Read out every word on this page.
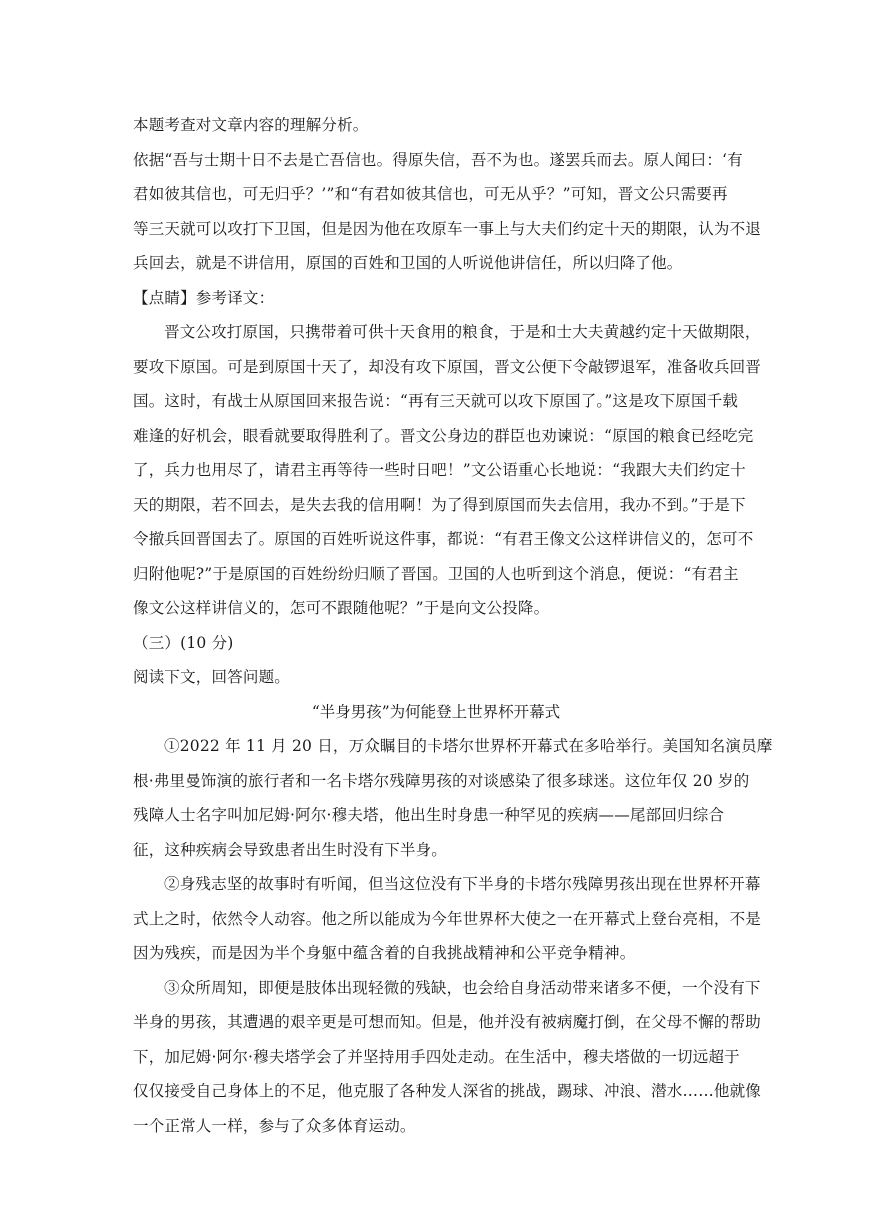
本题考查对文章内容的理解分析。
依据“吾与士期十日不去是亡吾信也。得原失信，吾不为也。遂罢兵而去。原人闻曰：‘有
君如彼其信也，可无归乎？’”和“有君如彼其信也，可无从乎？”可知，晋文公只需要再
等三天就可以攻打下卫国，但是因为他在攻原车一事上与大夫们约定十天的期限，认为不退
兵回去，就是不讲信用，原国的百姓和卫国的人听说他讲信任，所以归降了他。
【点睛】参考译文：
晋文公攻打原国，只携带着可供十天食用的粮食，于是和士大夫黄越约定十天做期限，
要攻下原国。可是到原国十天了，却没有攻下原国，晋文公便下令敲锣退军，准备收兵回晋
国。这时，有战士从原国回来报告说：“再有三天就可以攻下原国了。”这是攻下原国千载
难逢的好机会，眼看就要取得胜利了。晋文公身边的群臣也劝谏说：“原国的粮食已经吃完
了，兵力也用尽了，请君主再等待一些时日吧！”文公语重心长地说：“我跟大夫们约定十
天的期限，若不回去，是失去我的信用啊！为了得到原国而失去信用，我办不到。”于是下
令撤兵回晋国去了。原国的百姓听说这件事，都说：“有君王像文公这样讲信义的，怎可不
归附他呢?”于是原国的百姓纷纷归顺了晋国。卫国的人也听到这个消息，便说：“有君主
像文公这样讲信义的，怎可不跟随他呢？”于是向文公投降。
（三）(10 分)
阅读下文，回答问题。
“半身男孩”为何能登上世界杯开幕式
①2022 年 11 月 20 日，万众瞩目的卡塔尔世界杯开幕式在多哈举行。美国知名演员摩
根·弗里曼饰演的旅行者和一名卡塔尔残障男孩的对谈感染了很多球迷。这位年仅 20 岁的
残障人士名字叫加尼姆·阿尔·穆夫塔，他出生时身患一种罕见的疾病——尾部回归综合
征，这种疾病会导致患者出生时没有下半身。
②身残志坚的故事时有听闻，但当这位没有下半身的卡塔尔残障男孩出现在世界杯开幕
式上之时，依然令人动容。他之所以能成为今年世界杯大使之一在开幕式上登台亮相，不是
因为残疾，而是因为半个身躯中蕴含着的自我挑战精神和公平竞争精神。
③众所周知，即便是肢体出现轻微的残缺，也会给自身活动带来诸多不便，一个没有下
半身的男孩，其遭遇的艰辛更是可想而知。但是，他并没有被病魔打倒，在父母不懈的帮助
下，加尼姆·阿尔·穆夫塔学会了并坚持用手四处走动。在生活中，穆夫塔做的一切远超于
仅仅接受自己身体上的不足，他克服了各种发人深省的挑战，踢球、冲浪、潜水……他就像
一个正常人一样，参与了众多体育运动。
